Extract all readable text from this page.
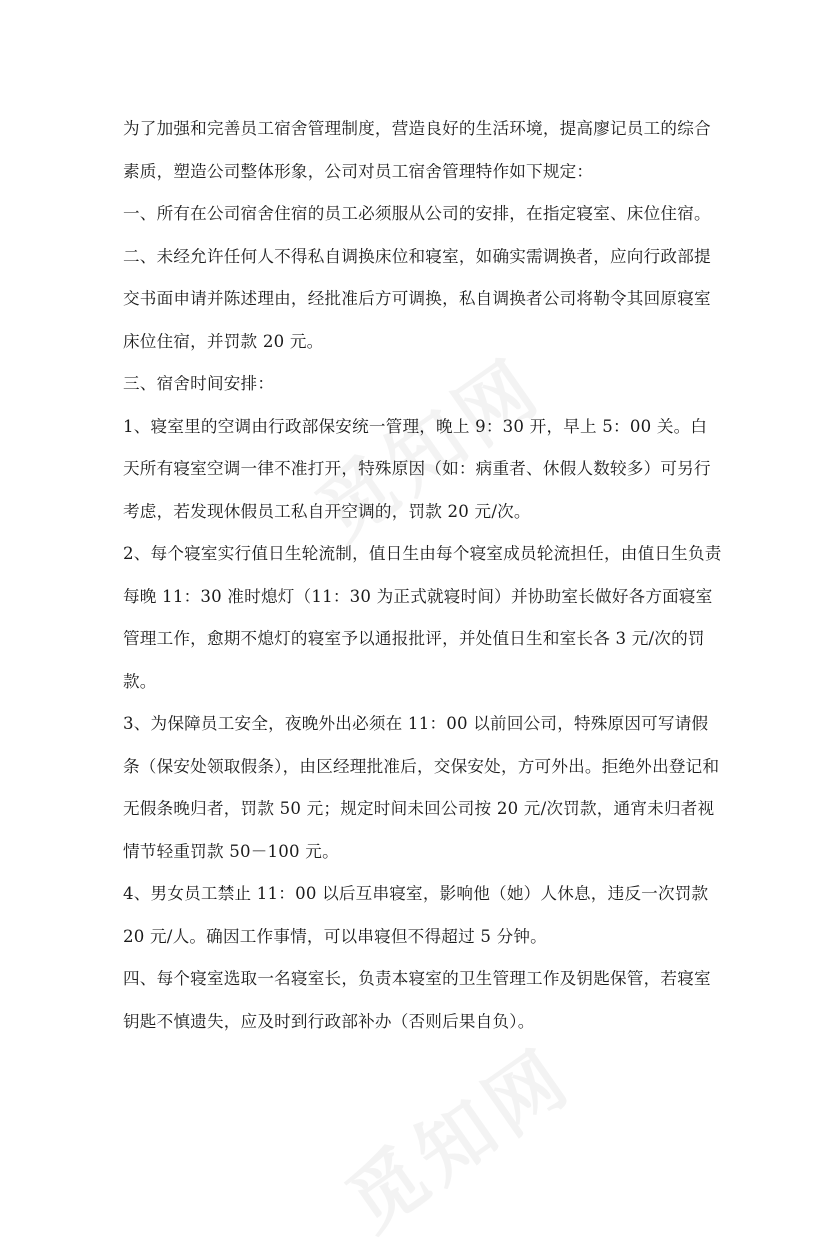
为了加强和完善员工宿舍管理制度，营造良好的生活环境，提高廖记员工的综合素质，塑造公司整体形象，公司对员工宿舍管理特作如下规定：

一、所有在公司宿舍住宿的员工必须服从公司的安排，在指定寝室、床位住宿。

二、未经允许任何人不得私自调换床位和寝室，如确实需调换者，应向行政部提交书面申请并陈述理由，经批准后方可调换，私自调换者公司将勒令其回原寝室床位住宿，并罚款 20 元。

三、宿舍时间安排：

1、寝室里的空调由行政部保安统一管理，晚上 9：30 开，早上 5：00 关。白天所有寝室空调一律不准打开，特殊原因（如：病重者、休假人数较多）可另行考虑，若发现休假员工私自开空调的，罚款 20 元/次。

2、每个寝室实行值日生轮流制，值日生由每个寝室成员轮流担任，由值日生负责每晚 11：30 准时熄灯（11：30 为正式就寝时间）并协助室长做好各方面寝室管理工作，愈期不熄灯的寝室予以通报批评，并处值日生和室长各 3 元/次的罚款。

3、为保障员工安全，夜晚外出必须在 11：00 以前回公司，特殊原因可写请假条（保安处领取假条），由区经理批准后，交保安处，方可外出。拒绝外出登记和无假条晚归者，罚款 50 元；规定时间未回公司按 20 元/次罚款，通宵未归者视情节轻重罚款 50－100 元。

4、男女员工禁止 11：00 以后互串寝室，影响他（她）人休息，违反一次罚款 20 元/人。确因工作事情，可以串寝但不得超过 5 分钟。

四、每个寝室选取一名寝室长，负责本寝室的卫生管理工作及钥匙保管，若寝室钥匙不慎遗失，应及时到行政部补办（否则后果自负）。
